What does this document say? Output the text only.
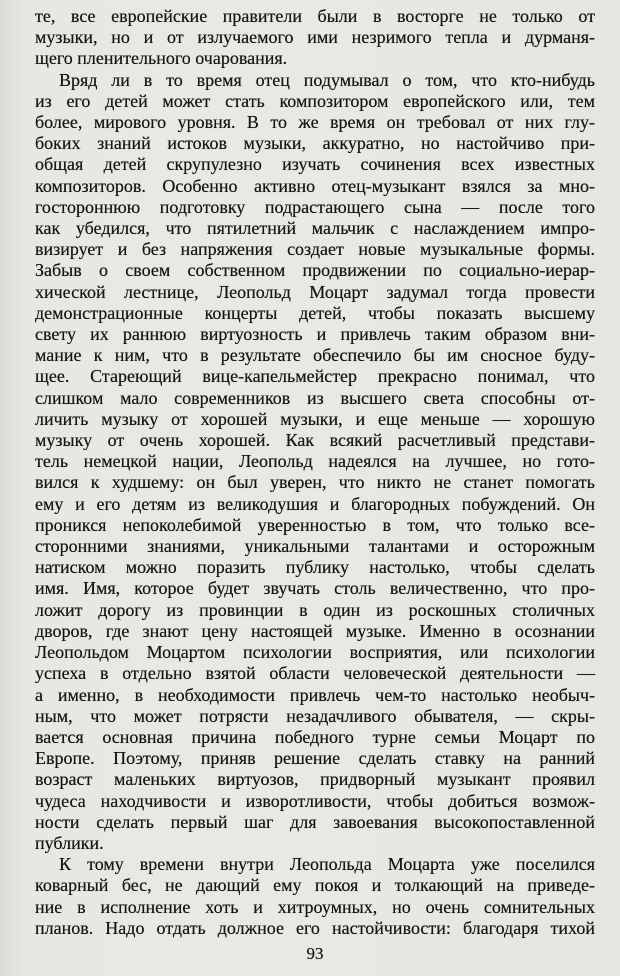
те, все европейские правители были в восторге не только от
музыки, но и от излучаемого ими незримого тепла и дурманя-
щего пленительного очарования.
Вряд ли в то время отец подумывал о том, что кто-нибудь
из его детей может стать композитором европейского или, тем
более, мирового уровня. В то же время он требовал от них глу-
боких знаний истоков музыки, аккуратно, но настойчиво при-
общая детей скрупулезно изучать сочинения всех известных
композиторов. Особенно активно отец-музыкант взялся за мно-
гостороннюю подготовку подрастающего сына — после того
как убедился, что пятилетний мальчик с наслаждением импро-
визирует и без напряжения создает новые музыкальные формы.
Забыв о своем собственном продвижении по социально-иерар-
хической лестнице, Леопольд Моцарт задумал тогда провести
демонстрационные концерты детей, чтобы показать высшему
свету их раннюю виртуозность и привлечь таким образом вни-
мание к ним, что в результате обеспечило бы им сносное буду-
щее. Стареющий вице-капельмейстер прекрасно понимал, что
слишком мало современников из высшего света способны от-
личить музыку от хорошей музыки, и еще меньше — хорошую
музыку от очень хорошей. Как всякий расчетливый представи-
тель немецкой нации, Леопольд надеялся на лучшее, но гото-
вился к худшему: он был уверен, что никто не станет помогать
ему и его детям из великодушия и благородных побуждений. Он
проникся непоколебимой уверенностью в том, что только все-
сторонними знаниями, уникальными талантами и осторожным
натиском можно поразить публику настолько, чтобы сделать
имя. Имя, которое будет звучать столь величественно, что про-
ложит дорогу из провинции в один из роскошных столичных
дворов, где знают цену настоящей музыке. Именно в осознании
Леопольдом Моцартом психологии восприятия, или психологии
успеха в отдельно взятой области человеческой деятельности —
а именно, в необходимости привлечь чем-то настолько необыч-
ным, что может потрясти незадачливого обывателя, — скры-
вается основная причина победного турне семьи Моцарт по
Европе. Поэтому, приняв решение сделать ставку на ранний
возраст маленьких виртуозов, придворный музыкант проявил
чудеса находчивости и изворотливости, чтобы добиться возмож-
ности сделать первый шаг для завоевания высокопоставленной
публики.
К тому времени внутри Леопольда Моцарта уже поселился
коварный бес, не дающий ему покоя и толкающий на приведе-
ние в исполнение хоть и хитроумных, но очень сомнительных
планов. Надо отдать должное его настойчивости: благодаря тихой
93
